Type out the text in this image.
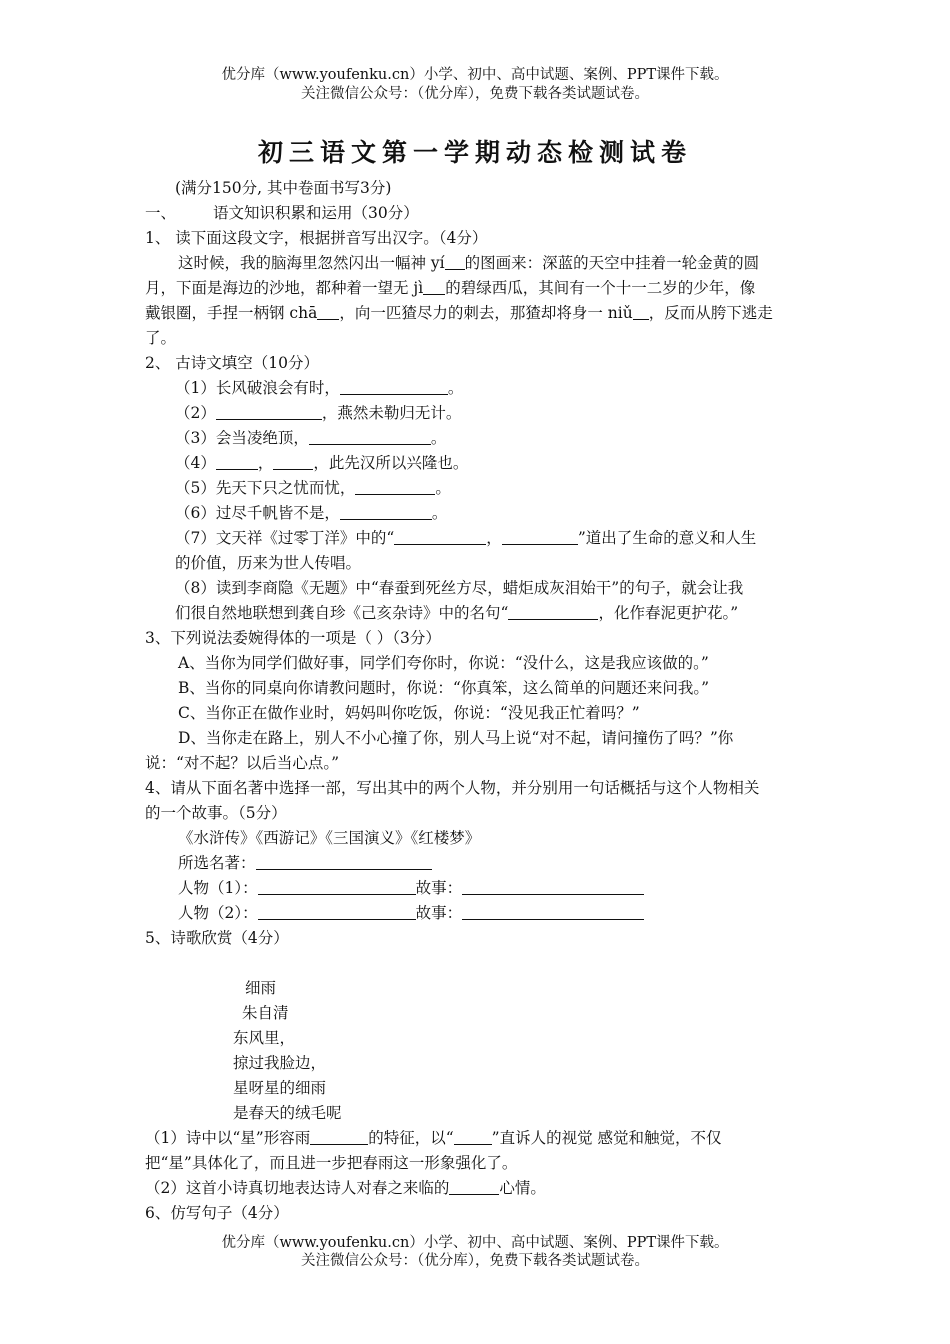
优分库（www.youfenku.cn）小学、初中、高中试题、案例、PPT课件下载。
关注微信公众号：（优分库），免费下载各类试题试卷。
初三语文第一学期动态检测试卷
(满分150分, 其中卷面书写3分)
一、 语文知识积累和运用（30分）
1、 读下面这段文字，根据拼音写出汉字。（4分）
这时候，我的脑海里忽然闪出一幅神 yí 的图画来：深蓝的天空中挂着一轮金黄的圆
月，下面是海边的沙地，都种着一望无 jì 的碧绿西瓜，其间有一个十一二岁的少年，像
戴银圈，手捏一柄钢 chā ，向一匹猹尽力的刺去，那猹却将身一 niǔ ，反而从胯下逃走
了。
2、 古诗文填空（10分）
（1）长风破浪会有时，	。
（2）	，燕然未勒归无计。
（3）会当凌绝顶，	。
（4）	，	，此先汉所以兴隆也。
（5）先天下只之忧而忧，	。
（6）过尽千帆皆不是，	。
（7）文天祥《过零丁洋》中的“	，	”道出了生命的意义和人生
的价值，历来为世人传唱。
（8）读到李商隐《无题》中“春蚕到死丝方尽，蜡炬成灰泪始干”的句子，就会让我
们很自然地联想到龚自珍《己亥杂诗》中的名句“	，化作春泥更护花。”
3、下列说法委婉得体的一项是（ ）（3分）
A、当你为同学们做好事，同学们夸你时，你说：“没什么，这是我应该做的。”
B、当你的同桌向你请教问题时，你说：“你真笨，这么简单的问题还来问我。”
C、当你正在做作业时，妈妈叫你吃饭，你说：“没见我正忙着吗？”
D、当你走在路上，别人不小心撞了你，别人马上说“对不起，请问撞伤了吗？”你
说：“对不起？以后当心点。”
4、请从下面名著中选择一部，写出其中的两个人物，并分别用一句话概括与这个人物相关
的一个故事。（5分）
《水浒传》《西游记》《三国演义》《红楼梦》
所选名著：
人物（1）：	故事：
人物（2）：	故事：
5、诗歌欣赏（4分）
细雨
朱自清
东风里，
掠过我脸边，
星呀星的细雨
是春天的绒毛呢
（1）诗中以“星”形容雨	的特征，以“ ”直诉人的视觉 感觉和触觉，不仅
把“星”具体化了，而且进一步把春雨这一形象强化了。
（2）这首小诗真切地表达诗人对春之来临的	心情。
6、仿写句子（4分）
优分库（www.youfenku.cn）小学、初中、高中试题、案例、PPT课件下载。
关注微信公众号：（优分库），免费下载各类试题试卷。
